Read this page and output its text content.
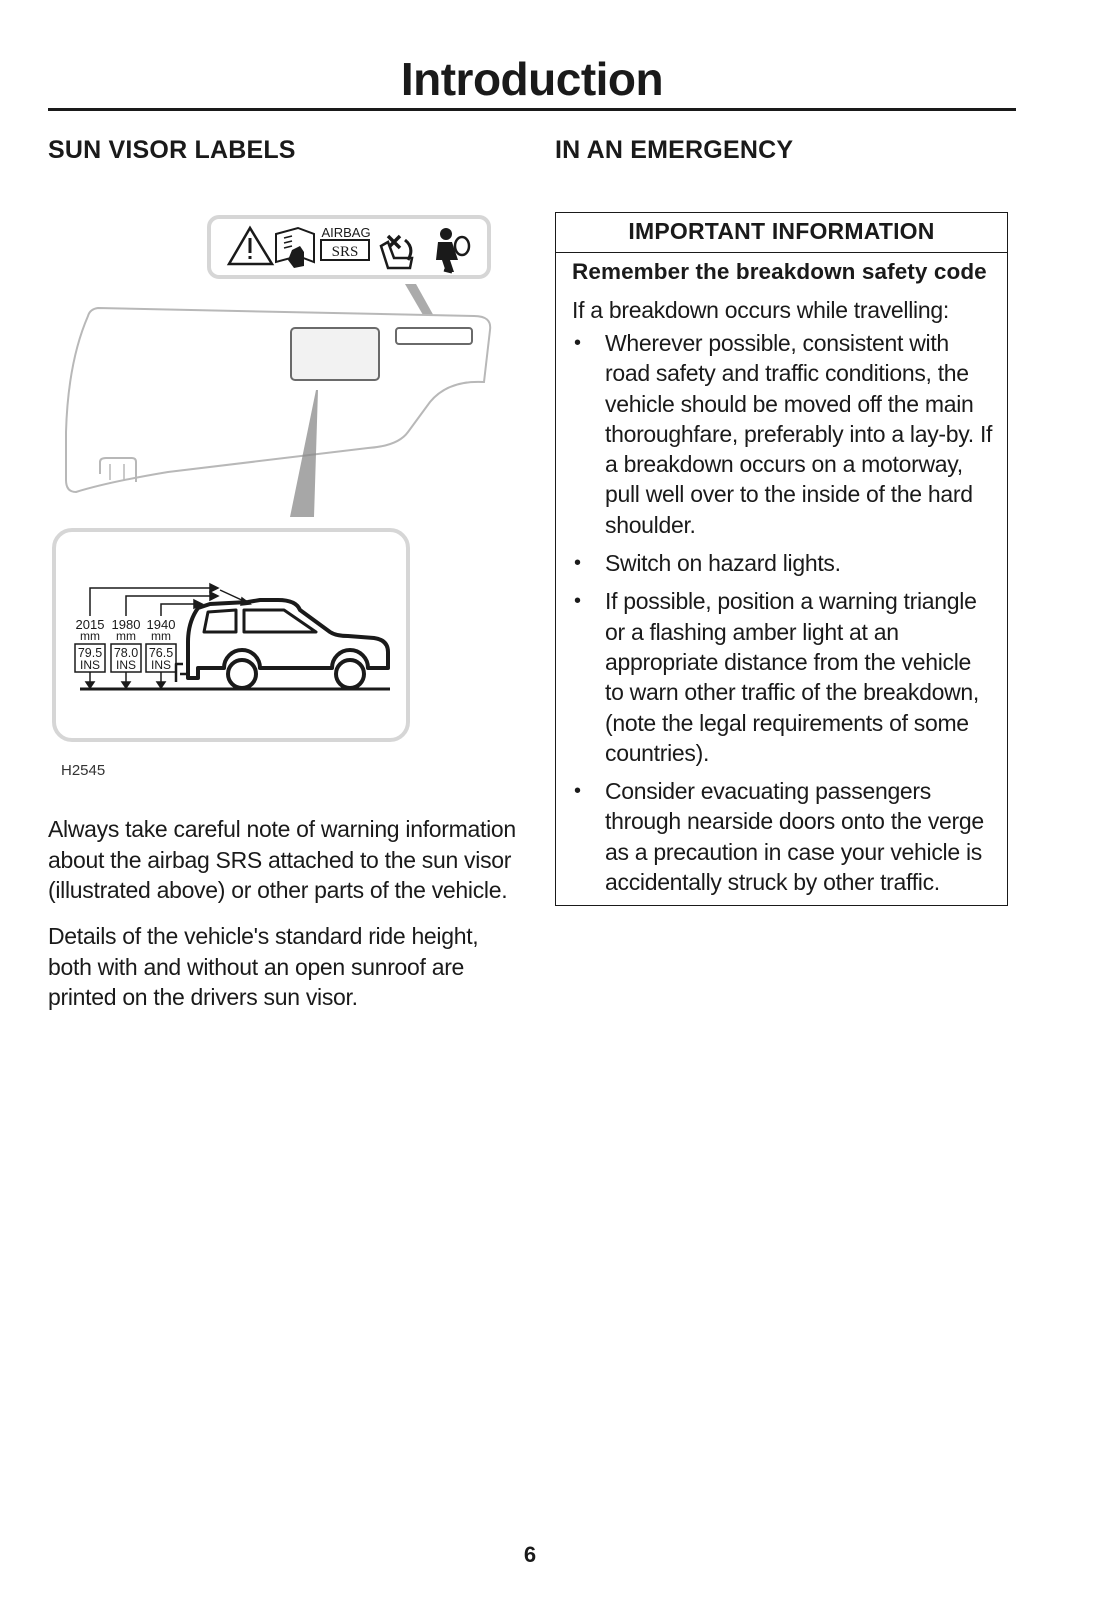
Introduction
SUN VISOR LABELS	IN AN EMERGENCY
AIRBAG
SRS
2015 1980 1940
mm mm mm
79.5 78.0 76.5
INS INS INS
H2545

Always take careful note of warning information about the airbag SRS attached to the sun visor (illustrated above) or other parts of the vehicle.

Details of the vehicle's standard ride height, both with and without an open sunroof are printed on the drivers sun visor.

IMPORTANT INFORMATION

Remember the breakdown safety code

If a breakdown occurs while travelling:

• Wherever possible, consistent with road safety and traffic conditions, the vehicle should be moved off the main thoroughfare, preferably into a lay-by. If a breakdown occurs on a motorway, pull well over to the inside of the hard shoulder.
• Switch on hazard lights.
• If possible, position a warning triangle or a flashing amber light at an appropriate distance from the vehicle to warn other traffic of the breakdown, (note the legal requirements of some countries).
• Consider evacuating passengers through nearside doors onto the verge as a precaution in case your vehicle is accidentally struck by other traffic.
6
